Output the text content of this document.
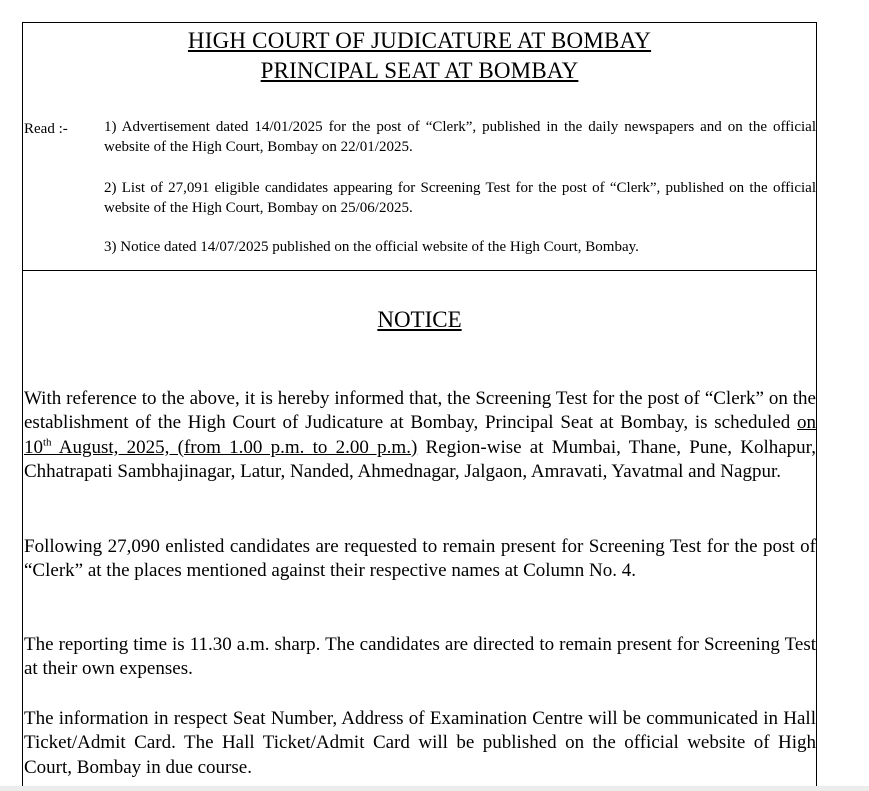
HIGH COURT OF JUDICATURE AT BOMBAY
PRINCIPAL SEAT AT BOMBAY
Read :- 1) Advertisement dated 14/01/2025 for the post of “Clerk”, published in the daily newspapers and on the official website of the High Court, Bombay on 22/01/2025.
2) List of 27,091 eligible candidates appearing for Screening Test for the post of “Clerk”, published on the official website of the High Court, Bombay on 25/06/2025.
3) Notice dated 14/07/2025 published on the official website of the High Court, Bombay.
NOTICE
With reference to the above, it is hereby informed that, the Screening Test for the post of “Clerk” on the establishment of the High Court of Judicature at Bombay, Principal Seat at Bombay, is scheduled on 10th August, 2025, (from 1.00 p.m. to 2.00 p.m.) Region-wise at Mumbai, Thane, Pune, Kolhapur, Chhatrapati Sambhajinagar, Latur, Nanded, Ahmednagar, Jalgaon, Amravati, Yavatmal and Nagpur.
Following 27,090 enlisted candidates are requested to remain present for Screening Test for the post of “Clerk” at the places mentioned against their respective names at Column No. 4.
The reporting time is 11.30 a.m. sharp. The candidates are directed to remain present for Screening Test at their own expenses.
The information in respect Seat Number, Address of Examination Centre will be communicated in Hall Ticket/Admit Card. The Hall Ticket/Admit Card will be published on the official website of High Court, Bombay in due course.
